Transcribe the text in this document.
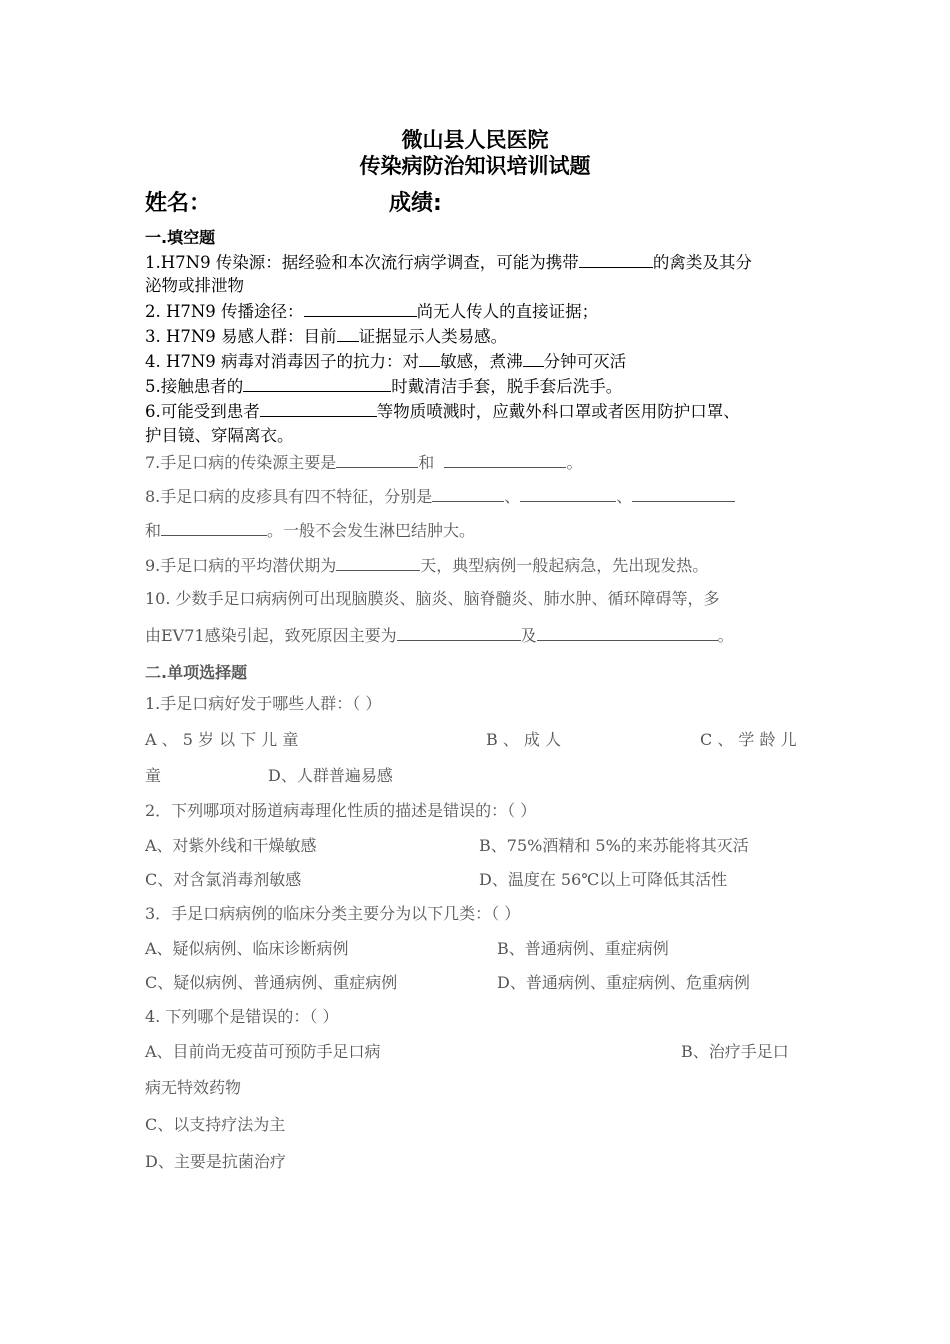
微山县人民医院
传染病防治知识培训试题
姓名：	成绩:
一.填空题
1.H7N9 传染源：据经验和本次流行病学调查，可能为携带	的禽类及其分
泌物或排泄物
2. H7N9 传播途径：	尚无人传人的直接证据；
3. H7N9 易感人群：目前 证据显示人类易感。
4. H7N9 病毒对消毒因子的抗力：对 敏感，煮沸 分钟可灭活
5.接触患者的	时戴清洁手套，脱手套后洗手。
6.可能受到患者	等物质喷溅时，应戴外科口罩或者医用防护口罩、
护目镜、穿隔离衣。
7.手足口病的传染源主要是	和	。
8.手足口病的皮疹具有四不特征，分别是	、	、
和	。一般不会发生淋巴结肿大。
9.手足口病的平均潜伏期为	天，典型病例一般起病急，先出现发热。
10. 少数手足口病病例可出现脑膜炎、脑炎、脑脊髓炎、肺水肿、循环障碍等，多
由EV71感染引起，致死原因主要为	及	。
二.单项选择题
1.手足口病好发于哪些人群：（ ）
A 、 5 岁 以 下 儿 童	B 、 成 人	C 、 学 龄 儿
童	D、人群普遍易感
2．下列哪项对肠道病毒理化性质的描述是错误的：（ ）
A、对紫外线和干燥敏感	B、75%酒精和 5%的来苏能将其灭活
C、对含氯消毒剂敏感	D、温度在 56℃以上可降低其活性
3．手足口病病例的临床分类主要分为以下几类：（ ）
A、疑似病例、临床诊断病例	B、普通病例、重症病例
C、疑似病例、普通病例、重症病例	D、普通病例、重症病例、危重病例
4. 下列哪个是错误的：（ ）
A、目前尚无疫苗可预防手足口病	B、治疗手足口
病无特效药物
C、以支持疗法为主
D、主要是抗菌治疗
